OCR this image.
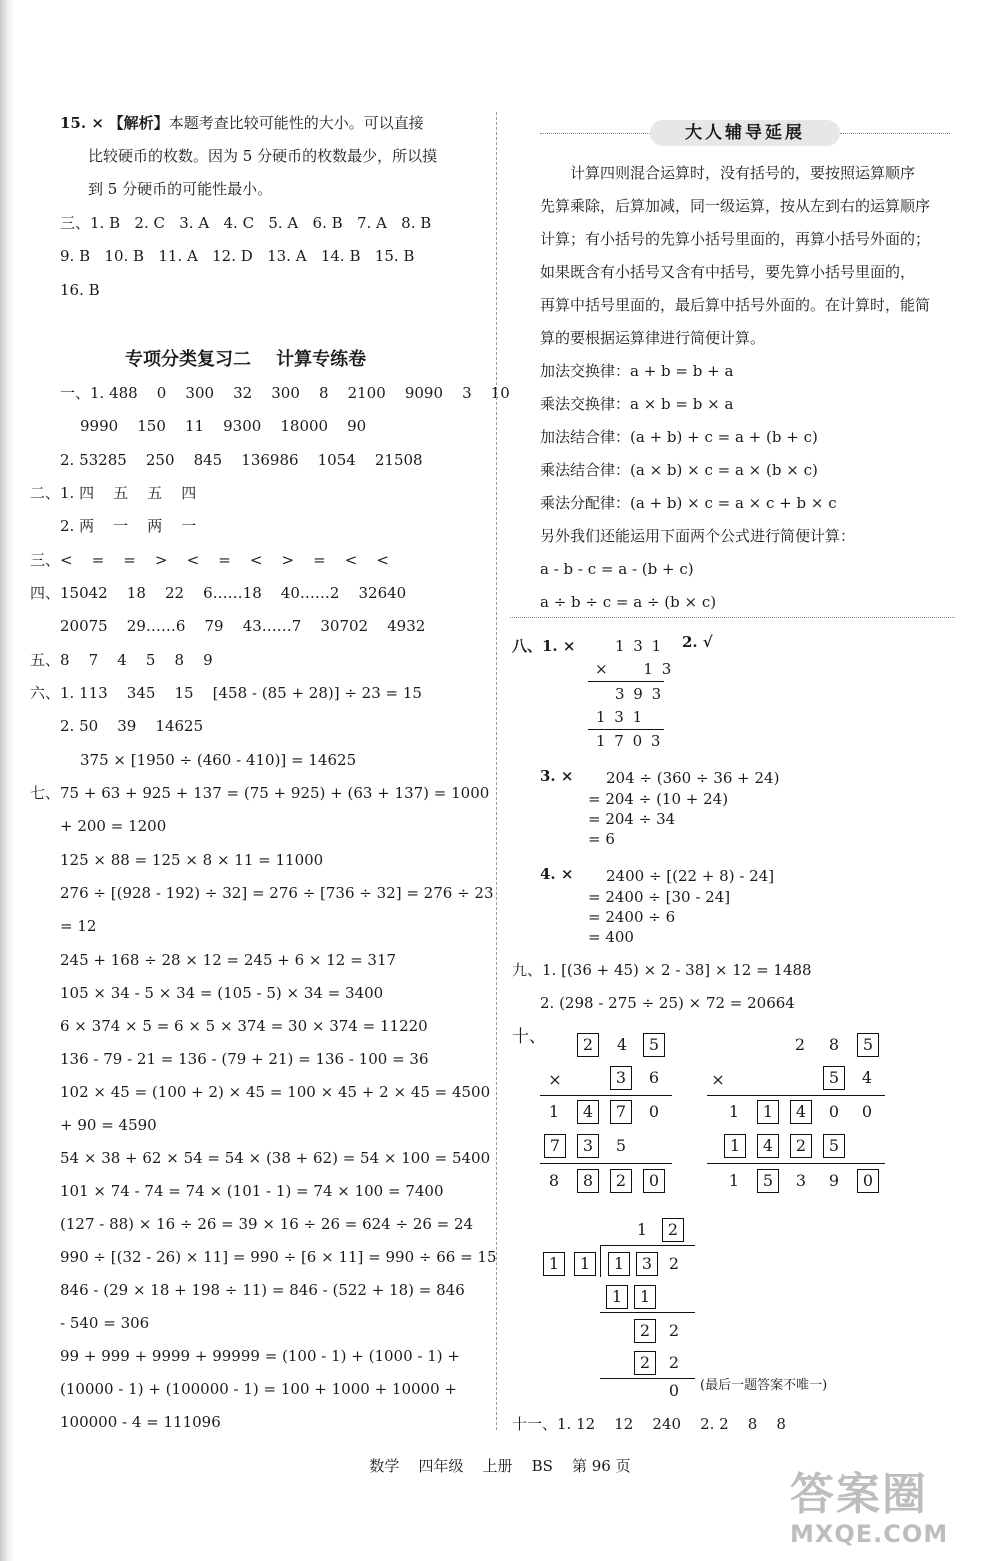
15. × 【解析】本题考查比较可能性的大小。可以直接
比较硬币的枚数。因为 5 分硬币的枚数最少，所以摸
到 5 分硬币的可能性最小。
三、1. B   2. C   3. A   4. C   5. A   6. B   7. A   8. B
9. B   10. B   11. A   12. D   13. A   14. B   15. B
16. B
专项分类复习二    计算专练卷
一、1. 488    0    300    32    300    8    2100    9090    3    10
9990    150    11    9300    18000    90
2. 53285    250    845    136986    1054    21508
二、1. 四    五    五    四
2. 两    一    两    一
三、<    =    =    >    <    =    <    >    =    <    <
四、15042    18    22    6……18    40……2    32640
20075    29……6    79    43……7    30702    4932
五、8    7    4    5    8    9
六、1. 113    345    15    [458 - (85 + 28)] ÷ 23 = 15
2. 50    39    14625
375 × [1950 ÷ (460 - 410)] = 14625
七、75 + 63 + 925 + 137 = (75 + 925) + (63 + 137) = 1000
+ 200 = 1200
125 × 88 = 125 × 8 × 11 = 11000
276 ÷ [(928 - 192) ÷ 32] = 276 ÷ [736 ÷ 32] = 276 ÷ 23
= 12
245 + 168 ÷ 28 × 12 = 245 + 6 × 12 = 317
105 × 34 - 5 × 34 = (105 - 5) × 34 = 3400
6 × 374 × 5 = 6 × 5 × 374 = 30 × 374 = 11220
136 - 79 - 21 = 136 - (79 + 21) = 136 - 100 = 36
102 × 45 = (100 + 2) × 45 = 100 × 45 + 2 × 45 = 4500
+ 90 = 4590
54 × 38 + 62 × 54 = 54 × (38 + 62) = 54 × 100 = 5400
101 × 74 - 74 = 74 × (101 - 1) = 74 × 100 = 7400
(127 - 88) × 16 ÷ 26 = 39 × 16 ÷ 26 = 624 ÷ 26 = 24
990 ÷ [(32 - 26) × 11] = 990 ÷ [6 × 11] = 990 ÷ 66 = 15
846 - (29 × 18 + 198 ÷ 11) = 846 - (522 + 18) = 846
- 540 = 306
99 + 999 + 9999 + 99999 = (100 - 1) + (1000 - 1) +
(10000 - 1) + (100000 - 1) = 100 + 1000 + 10000 +
100000 - 4 = 111096
大人辅导延展
计算四则混合运算时，没有括号的，要按照运算顺序
先算乘除，后算加减，同一级运算，按从左到右的运算顺序
计算；有小括号的先算小括号里面的，再算小括号外面的；
如果既含有小括号又含有中括号，要先算小括号里面的，
再算中括号里面的，最后算中括号外面的。在计算时，能简
算的要根据运算律进行简便计算。
加法交换律：a + b = b + a
乘法交换律：a × b = b × a
加法结合律：(a + b) + c = a + (b + c)
乘法结合律：(a × b) × c = a × (b × c)
乘法分配律：(a + b) × c = a × c + b × c
另外我们还能运用下面两个公式进行简便计算：
a - b - c = a - (b + c)
a ÷ b ÷ c = a ÷ (b × c)
八、1. ×	1 3 1 2. √
×     1 3
3 9 3
1 3 1
1 7 0 3
3. × 204 ÷ (360 ÷ 36 + 24)
= 204 ÷ (10 + 24)
= 204 ÷ 34
= 6
4. × 2400 ÷ [(22 + 8) - 24]
= 2400 ÷ [30 - 24]
= 2400 ÷ 6
= 400
九、1. [(36 + 45) × 2 - 38] × 12 = 1488
2. (298 - 275 ÷ 25) × 72 = 20664
十、	2	4	5
×	3	6
1	4	7	0
7	3	5
8	8	2	0
2	8	5
×	5	4
1	1	4	0	0
1	4	2	5
1	5	3	9	0
1	2
1	1	1	3	2
1	1
2	2
2	2
0	(最后一题答案不唯一)
十一、1. 12    12    240    2. 2    8    8
数学    四年级    上册    BS    第 96 页
答案圈
MXQE.COM
